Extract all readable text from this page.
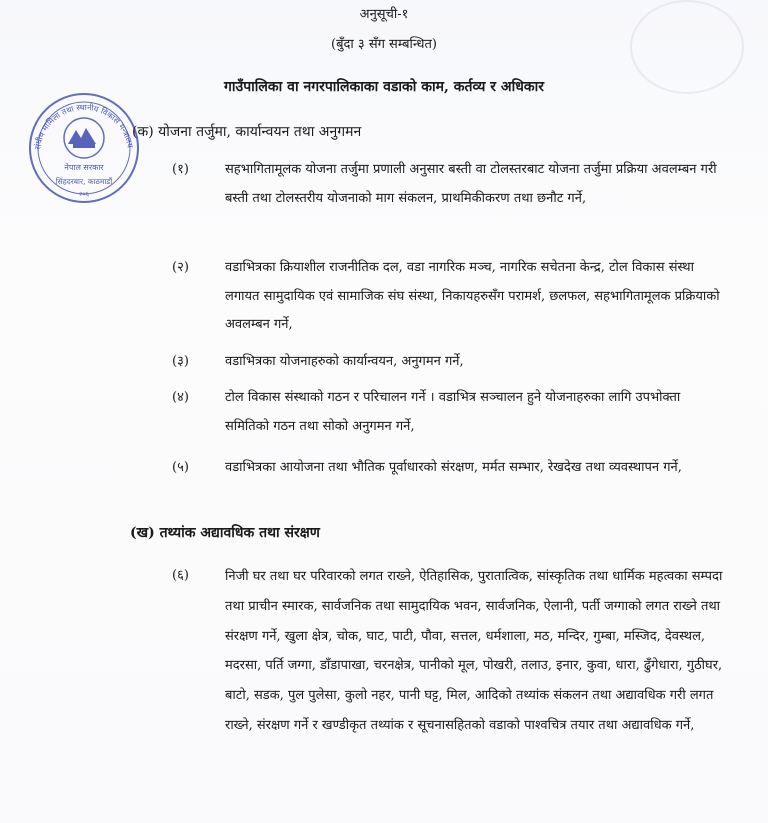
अनुसूची-१
(बुँदा ३ सँग सम्बन्धित)
गाउँपालिका वा नगरपालिकाका वडाको काम, कर्तव्य र अधिकार
नेपाल सरकार
संघीय मामिला तथा स्थानीय विकास मन्त्रालय
सिंहदरबार, काठमाडौं
२०६
(क) योजना तर्जुमा, कार्यान्वयन तथा अनुगमन
(१)	सहभागितामूलक योजना तर्जुमा प्रणाली अनुसार बस्ती वा टोलस्तरबाट योजना तर्जुमा प्रक्रिया अवलम्बन गरी बस्ती तथा टोलस्तरीय योजनाको माग संकलन, प्राथमिकीकरण तथा छनौट गर्ने,
(२)	वडाभित्रका क्रियाशील राजनीतिक दल, वडा नागरिक मञ्च, नागरिक सचेतना केन्द्र, टोल विकास संस्था लगायत सामुदायिक एवं सामाजिक संघ संस्था, निकायहरुसँग परामर्श, छलफल, सहभागितामूलक प्रक्रियाको अवलम्बन गर्ने,
(३)	वडाभित्रका योजनाहरुको कार्यान्वयन, अनुगमन गर्ने,
(४)	टोल विकास संस्थाको गठन र परिचालन गर्ने । वडाभित्र सञ्चालन हुने योजनाहरुका लागि उपभोक्ता समितिको गठन तथा सोको अनुगमन गर्ने,
(५)	वडाभित्रका आयोजना तथा भौतिक पूर्वाधारको संरक्षण, मर्मत सम्भार, रेखदेख तथा व्यवस्थापन गर्ने,
(ख) तथ्यांक अद्यावधिक तथा संरक्षण
(६)	निजी घर तथा घर परिवारको लगत राख्ने, ऐतिहासिक, पुरातात्विक, सांस्कृतिक तथा धार्मिक महत्वका सम्पदा तथा प्राचीन स्मारक, सार्वजनिक तथा सामुदायिक भवन, सार्वजनिक, ऐलानी, पर्ती जग्गाको लगत राख्ने तथा संरक्षण गर्ने, खुला क्षेत्र, चोक, घाट, पाटी, पौवा, सत्तल, धर्मशाला, मठ, मन्दिर, गुम्बा, मस्जिद, देवस्थल, मदरसा, पर्ति जग्गा, डाँडापाखा, चरनक्षेत्र, पानीको मूल, पोखरी, तलाउ, इनार, कुवा, धारा, ढुँगेधारा, गुठीघर, बाटो, सडक, पुल पुलेसा, कुलो नहर, पानी घट्ट, मिल, आदिको तथ्यांक संकलन तथा अद्यावधिक गरी लगत राख्ने, संरक्षण गर्ने र खण्डीकृत तथ्यांक र सूचनासहितको वडाको पाश्वचित्र तयार तथा अद्यावधिक गर्ने,
